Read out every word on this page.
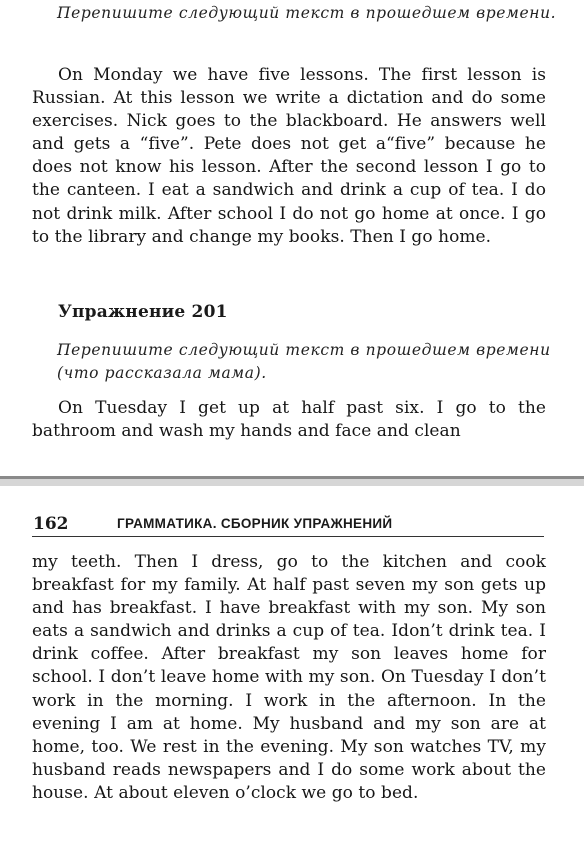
Перепишите следующий текст в прошедшем времени.
On Monday we have five lessons. The first lesson is Russian. At this lesson we write a dictation and do some exercises. Nick goes to the blackboard. He answers well and gets a “five”. Pete does not get a“five” because he does not know his lesson. After the second lesson I go to the canteen. I eat a sandwich and drink a cup of tea. I do not drink milk. After school I do not go home at once. I go to the library and change my books. Then I go home.
Упражнение 201
Перепишите следующий текст в прошедшем времени (что рассказала мама).
On Tuesday I get up at half past six. I go to the bathroom and wash my hands and face and clean
162	ГРАММАТИКА. СБОРНИК УПРАЖНЕНИЙ
my teeth. Then I dress, go to the kitchen and cook breakfast for my family. At half past seven my son gets up and has breakfast. I have breakfast with my son. My son eats a sandwich and drinks a cup of tea. Idon’t drink tea. I drink coffee. After breakfast my son leaves home for school. I don’t leave home with my son. On Tuesday I don’t work in the morning. I work in the afternoon. In the evening I am at home. My husband and my son are at home, too. We rest in the evening. My son watches TV, my husband reads newspapers and I do some work about the house. At about eleven o’clock we go to bed.
